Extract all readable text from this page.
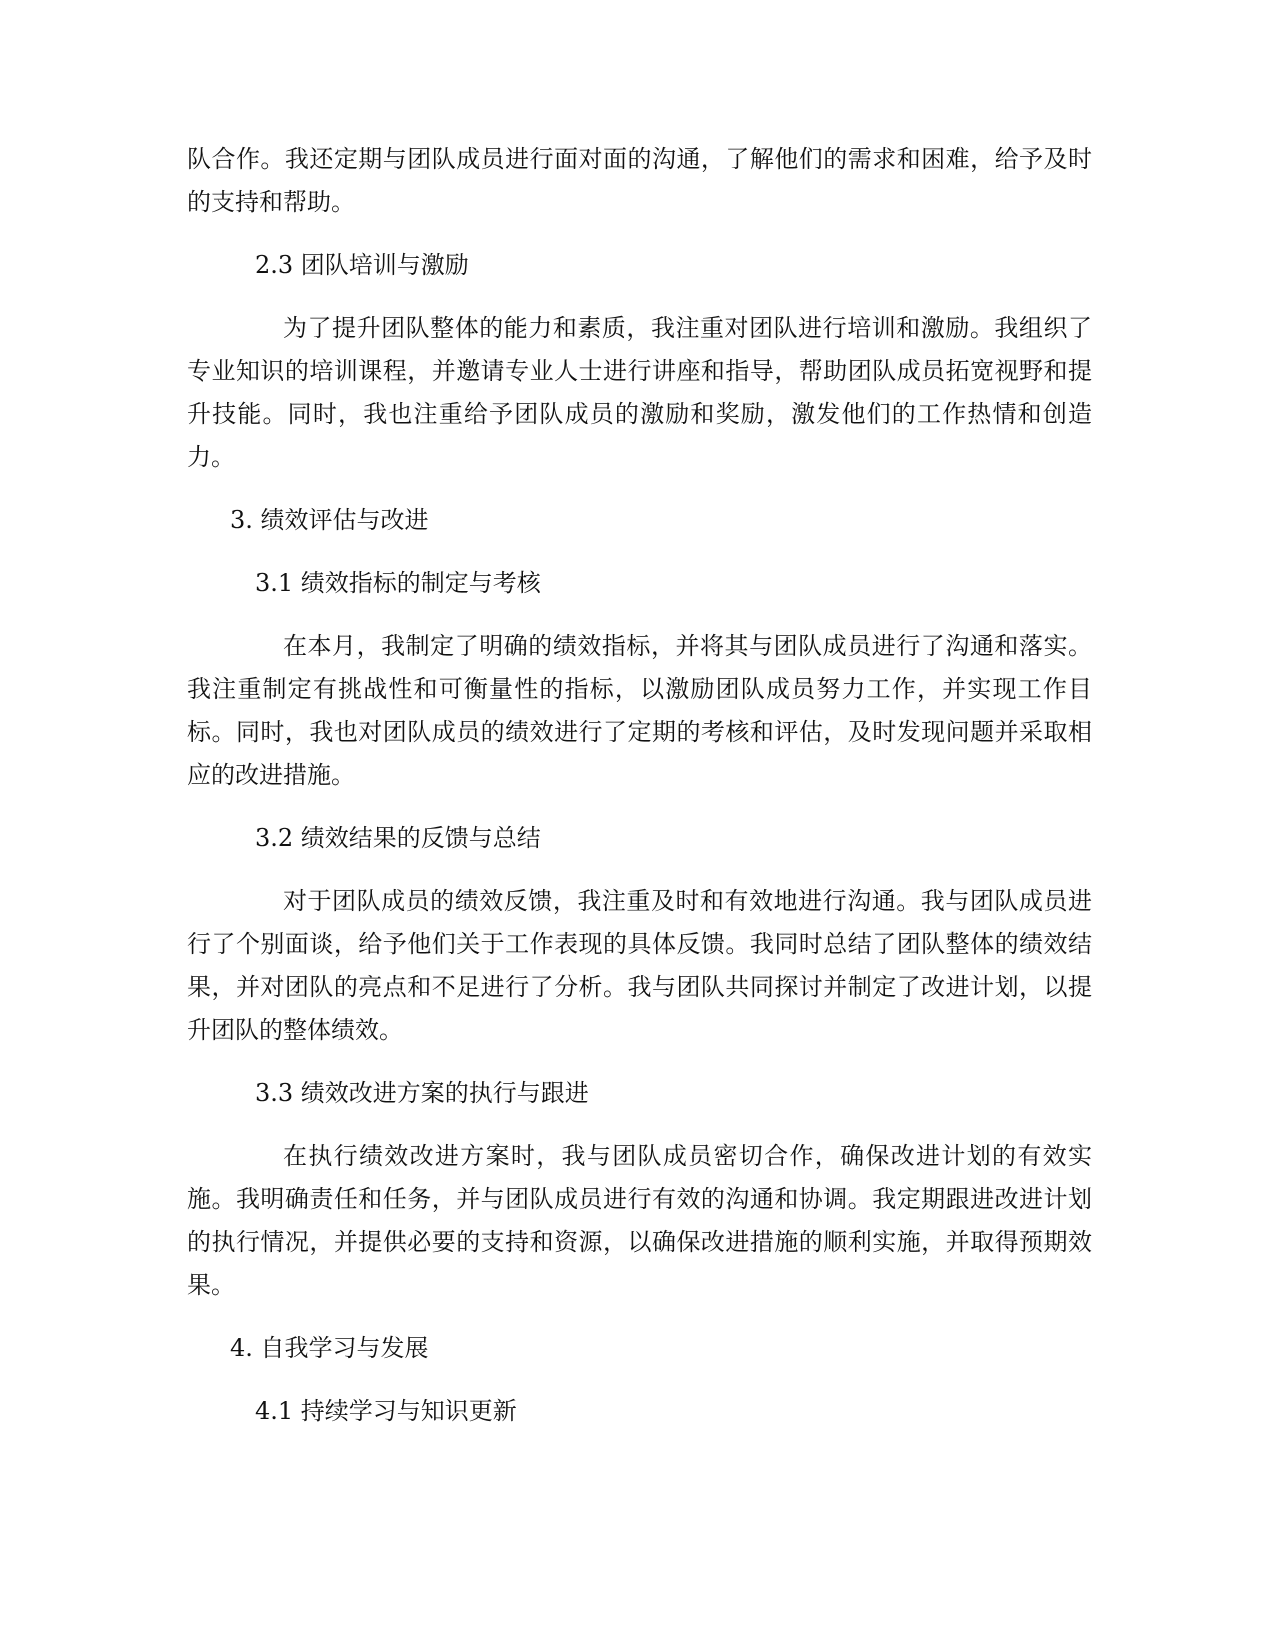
队合作。我还定期与团队成员进行面对面的沟通，了解他们的需求和困难，给予及时的支持和帮助。

2.3 团队培训与激励

为了提升团队整体的能力和素质，我注重对团队进行培训和激励。我组织了专业知识的培训课程，并邀请专业人士进行讲座和指导，帮助团队成员拓宽视野和提升技能。同时，我也注重给予团队成员的激励和奖励，激发他们的工作热情和创造力。

3. 绩效评估与改进

3.1 绩效指标的制定与考核

在本月，我制定了明确的绩效指标，并将其与团队成员进行了沟通和落实。我注重制定有挑战性和可衡量性的指标，以激励团队成员努力工作，并实现工作目标。同时，我也对团队成员的绩效进行了定期的考核和评估，及时发现问题并采取相应的改进措施。

3.2 绩效结果的反馈与总结

对于团队成员的绩效反馈，我注重及时和有效地进行沟通。我与团队成员进行了个别面谈，给予他们关于工作表现的具体反馈。我同时总结了团队整体的绩效结果，并对团队的亮点和不足进行了分析。我与团队共同探讨并制定了改进计划，以提升团队的整体绩效。

3.3 绩效改进方案的执行与跟进

在执行绩效改进方案时，我与团队成员密切合作，确保改进计划的有效实施。我明确责任和任务，并与团队成员进行有效的沟通和协调。我定期跟进改进计划的执行情况，并提供必要的支持和资源，以确保改进措施的顺利实施，并取得预期效果。

4. 自我学习与发展

4.1 持续学习与知识更新
